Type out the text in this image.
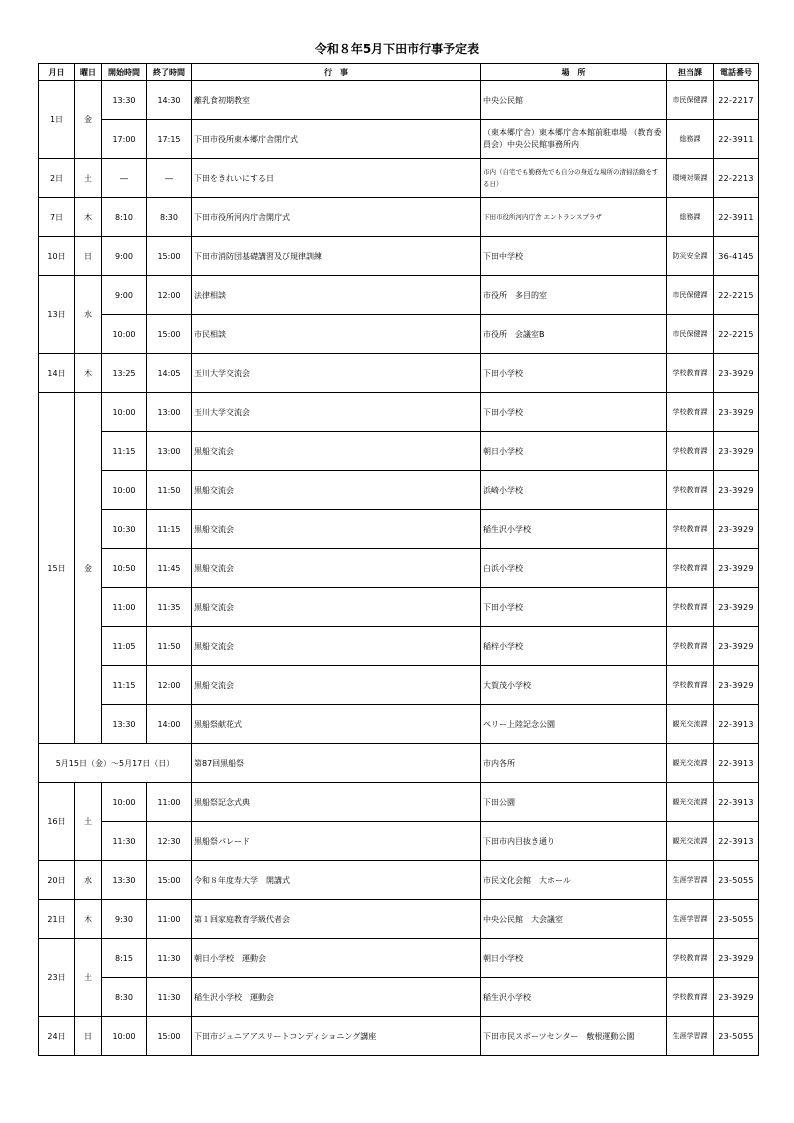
令和８年5月下田市行事予定表
月日	曜日	開始時間	終了時間	行　事	場　所	担当課	電話番号
1日	金	13:30	14:30	離乳食初期教室	中央公民館	市民保健課	22-2217
		17:00	17:15	下田市役所東本郷庁舎閉庁式	（東本郷庁舎）東本郷庁舎本館前駐車場 （教育委員会）中央公民館事務所内	総務課	22-3911
2日	土	―	―	下田をきれいにする日	市内（自宅でも勤務先でも自分の身近な場所の清掃活動をする日）	環境対策課	22-2213
7日	木	8:10	8:30	下田市役所河内庁舎開庁式	下田市役所河内庁舎 エントランスプラザ	総務課	22-3911
10日	日	9:00	15:00	下田市消防団基礎講習及び規律訓練	下田中学校	防災安全課	36-4145
13日	水	9:00	12:00	法律相談	市役所　多目的室	市民保健課	22-2215
		10:00	15:00	市民相談	市役所　会議室B	市民保健課	22-2215
14日	木	13:25	14:05	玉川大学交流会	下田小学校	学校教育課	23-3929
15日	金	10:00	13:00	玉川大学交流会	下田小学校	学校教育課	23-3929
		11:15	13:00	黒船交流会	朝日小学校	学校教育課	23-3929
		10:00	11:50	黒船交流会	浜崎小学校	学校教育課	23-3929
		10:30	11:15	黒船交流会	稲生沢小学校	学校教育課	23-3929
		10:50	11:45	黒船交流会	白浜小学校	学校教育課	23-3929
		11:00	11:35	黒船交流会	下田小学校	学校教育課	23-3929
		11:05	11:50	黒船交流会	稲梓小学校	学校教育課	23-3929
		11:15	12:00	黒船交流会	大賀茂小学校	学校教育課	23-3929
		13:30	14:00	黒船祭献花式	ペリー上陸記念公園	観光交流課	22-3913
5月15日（金）～5月17日（日）				第87回黒船祭	市内各所	観光交流課	22-3913
16日	土	10:00	11:00	黒船祭記念式典	下田公園	観光交流課	22-3913
		11:30	12:30	黒船祭パレード	下田市内目抜き通り	観光交流課	22-3913
20日	水	13:30	15:00	令和８年度寿大学　開講式	市民文化会館　大ホール	生涯学習課	23-5055
21日	木	9:30	11:00	第１回家庭教育学級代者会	中央公民館　大会議室	生涯学習課	23-5055
23日	土	8:15	11:30	朝日小学校　運動会	朝日小学校	学校教育課	23-3929
		8:30	11:30	稲生沢小学校　運動会	稲生沢小学校	学校教育課	23-3929
24日	日	10:00	15:00	下田市ジュニアアスリートコンディショニング講座	下田市民スポーツセンター　敷根運動公園	生涯学習課	23-5055
